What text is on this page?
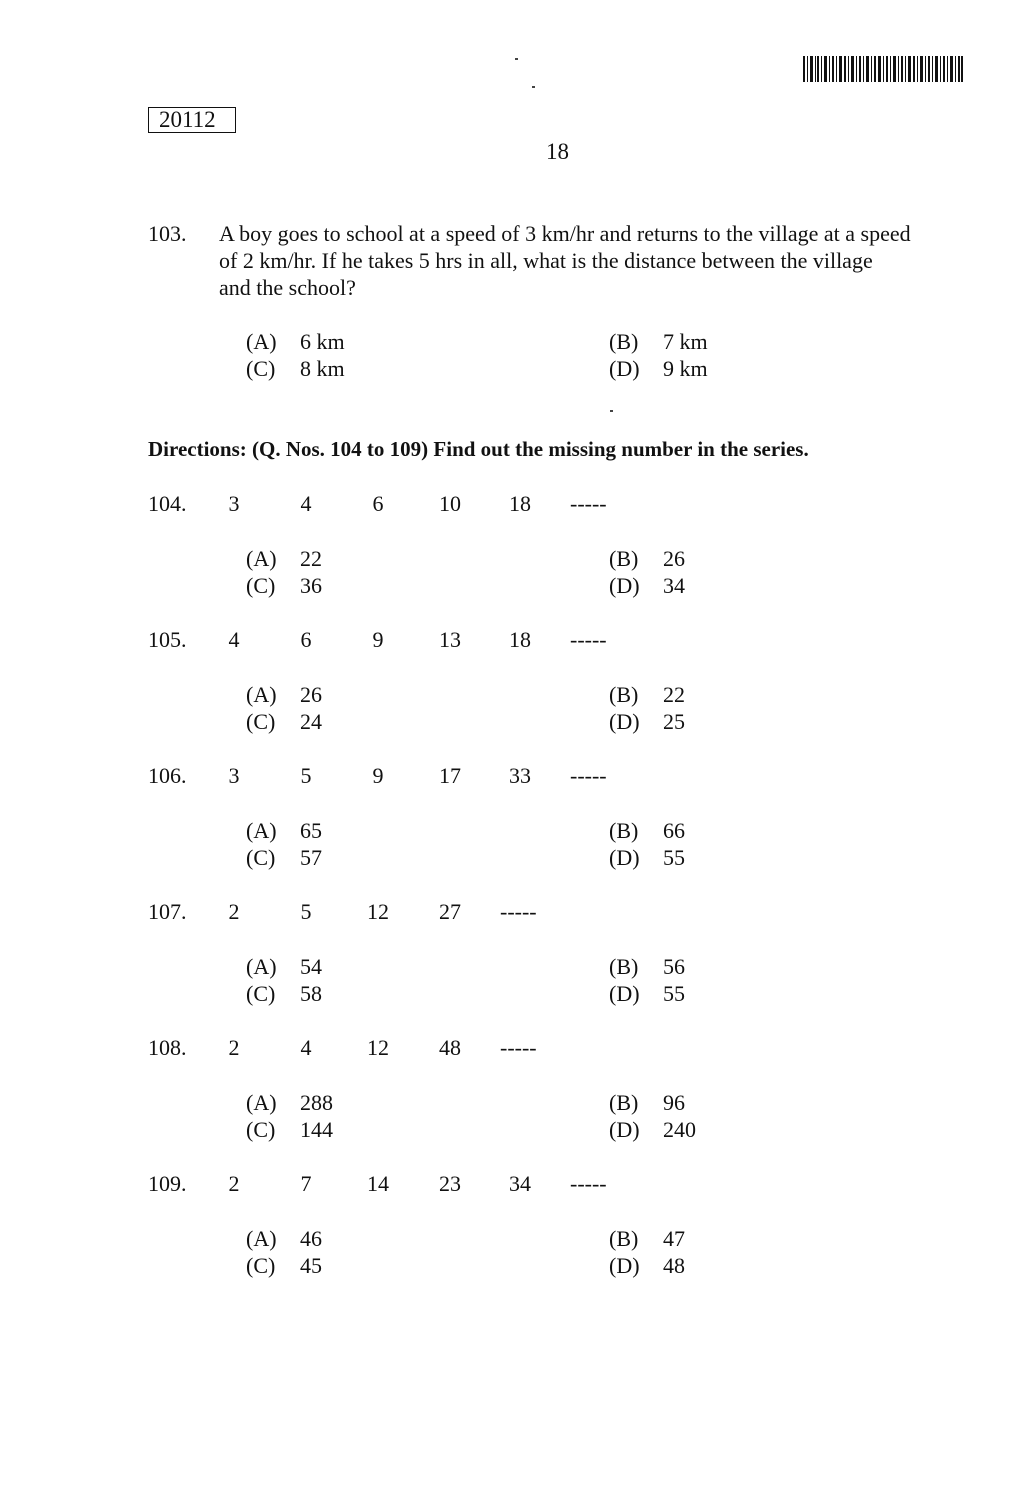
20112
18
103. A boy goes to school at a speed of 3 km/hr and returns to the village at a speed
of 2 km/hr. If he takes 5 hrs in all, what is the distance between the village
and the school?
(A) 6 km	(B) 7 km
(C) 8 km	(D) 9 km
Directions: (Q. Nos. 104 to 109) Find out the missing number in the series.
104.	3	4	6	10	18	-----
(A) 22	(B) 26
(C) 36	(D) 34
105.	4	6	9	13	18	-----
(A) 26	(B) 22
(C) 24	(D) 25
106.	3	5	9	17	33	-----
(A) 65	(B) 66
(C) 57	(D) 55
107.	2	5	12	27	-----
(A) 54	(B) 56
(C) 58	(D) 55
108.	2	4	12	48	-----
(A) 288	(B) 96
(C) 144	(D) 240
109.	2	7	14	23	34	-----
(A) 46	(B) 47
(C) 45	(D) 48
